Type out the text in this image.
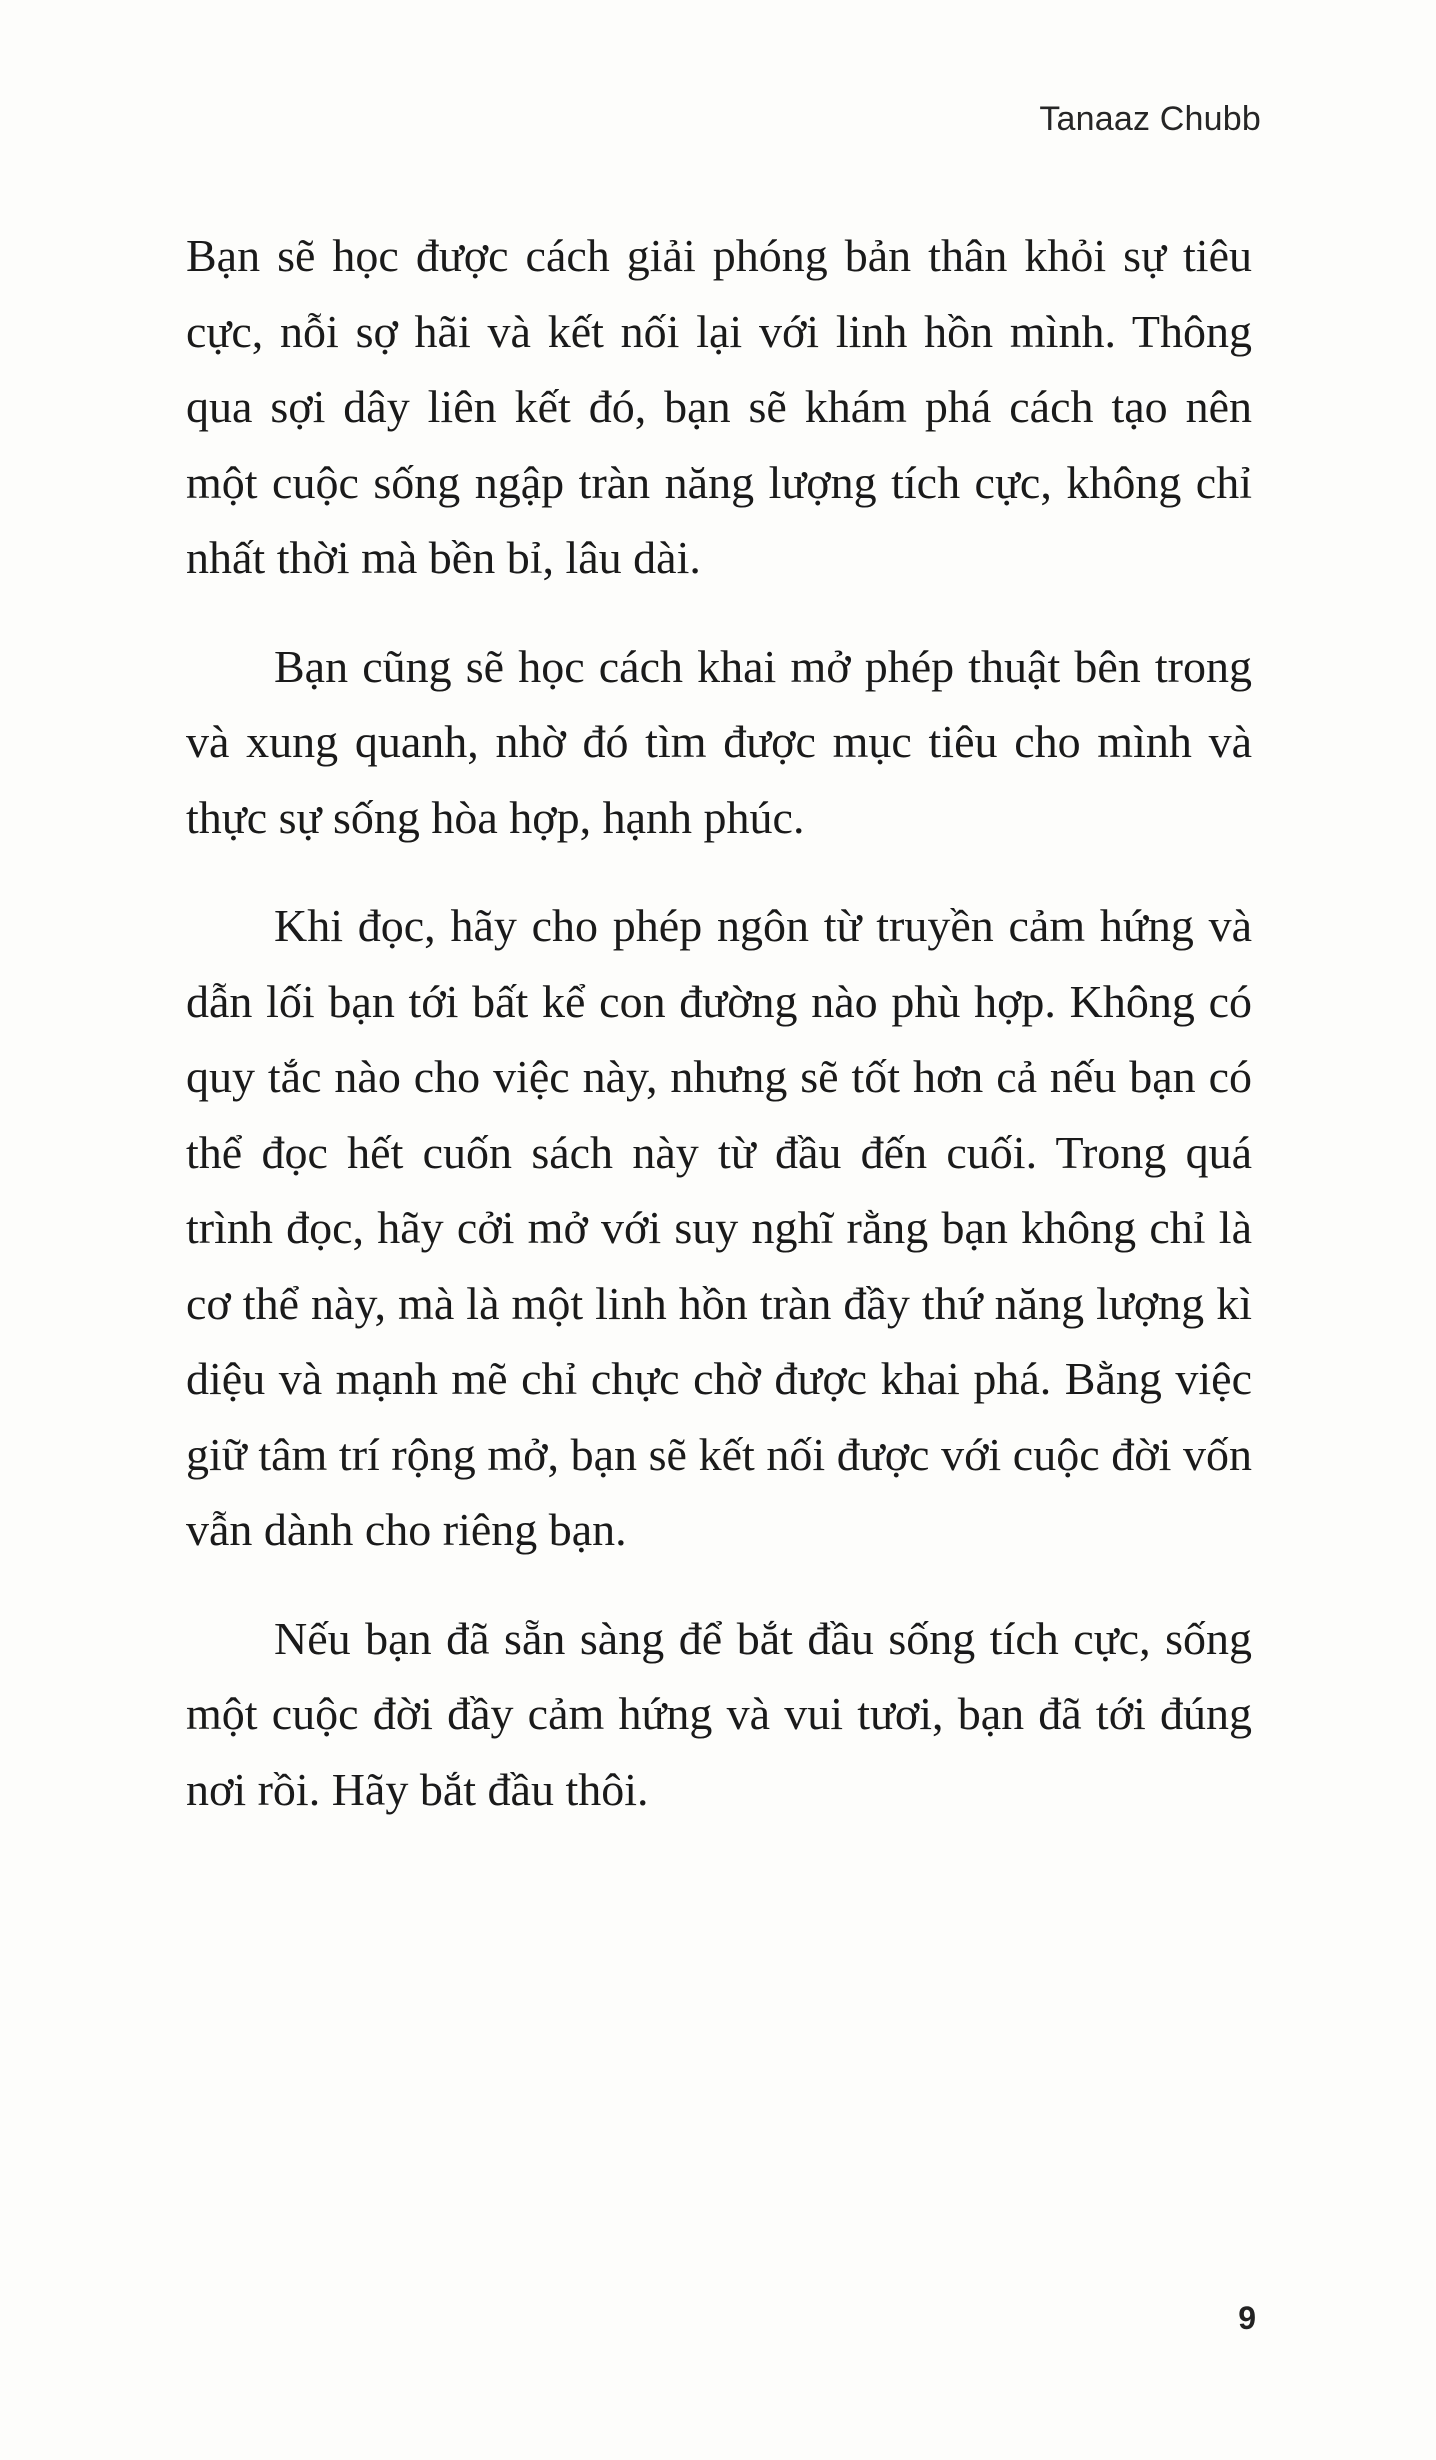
Tanaaz Chubb

Bạn sẽ học được cách giải phóng bản thân khỏi sự tiêu cực, nỗi sợ hãi và kết nối lại với linh hồn mình. Thông qua sợi dây liên kết đó, bạn sẽ khám phá cách tạo nên một cuộc sống ngập tràn năng lượng tích cực, không chỉ nhất thời mà bền bỉ, lâu dài.

Bạn cũng sẽ học cách khai mở phép thuật bên trong và xung quanh, nhờ đó tìm được mục tiêu cho mình và thực sự sống hòa hợp, hạnh phúc.

Khi đọc, hãy cho phép ngôn từ truyền cảm hứng và dẫn lối bạn tới bất kể con đường nào phù hợp. Không có quy tắc nào cho việc này, nhưng sẽ tốt hơn cả nếu bạn có thể đọc hết cuốn sách này từ đầu đến cuối. Trong quá trình đọc, hãy cởi mở với suy nghĩ rằng bạn không chỉ là cơ thể này, mà là một linh hồn tràn đầy thứ năng lượng kì diệu và mạnh mẽ chỉ chực chờ được khai phá. Bằng việc giữ tâm trí rộng mở, bạn sẽ kết nối được với cuộc đời vốn vẫn dành cho riêng bạn.

Nếu bạn đã sẵn sàng để bắt đầu sống tích cực, sống một cuộc đời đầy cảm hứng và vui tươi, bạn đã tới đúng nơi rồi. Hãy bắt đầu thôi.

9
